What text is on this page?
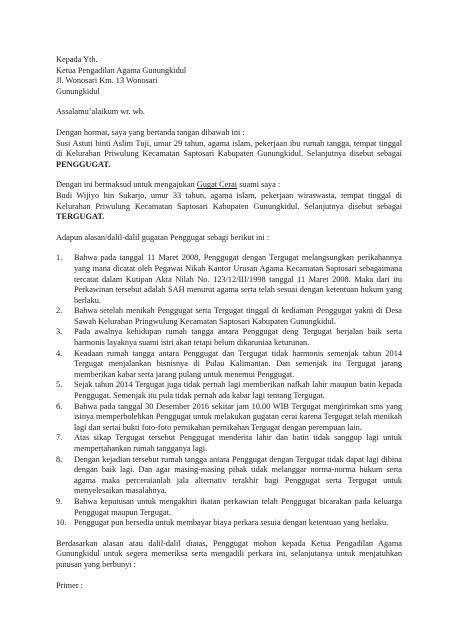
Kepada Yth.
Ketua Pengadilan Agama Gunungkidul
Jl. Wonosari Km. 13 Wonosari
Gunungkidul
Assalamu’alaikum wr. wb.

Dengan hormat, saya yang bertanda tangan dibawah ini :

Susi Astuti binti Aslim Tuji, umur 29 tahun, agama islam, pekerjaan ibu rumah tangga, tempat tinggal di Kelurahan Priwulung Kecamatan Saptosari Kabupaten Gunungkidul. Selanjutnya disebut sebagai PENGGUGAT.

Dengan ini bermaksud untuk mengajukan Gugat Cerai suami saya :

Budi Wijiyo bin Sukarjo, umur 33 tahun, agama islam, pekerjaan wiraswasta, tempat tinggal di Kelurahan Priwulung Kecamatan Saptosari Kabupaten Gunungkidul. Selanjutnya disebut sebagai TERGUGAT.

Adapun alasan/dalil-dalil gugatan Penggugat sebagi berikut ini :
1. Bahwa pada tanggal 11 Maret 2008, Penggugat dengan Tergugat melangsungkan perikahannya yang mana dicatat oleh Pegawai Nikah Kantor Urusan Agama Kecamatan Saptosari sebagaimana tercatat dalam Kutipan Akta Nilah No. 123/12/III/1998 tanggal 11 Maret 2008. Maka dari itu Perkawinan tersebut adalah SAH menurut agama serta telah sesuai dengan ketentuan hukum yang berlaku.
2. Bahwa setelah menikah Penggugat serta Tergugat tinggal di kediaman Penggugat yakni di Desa Sawah Kelurahan Pringwulung Kecamatan Saptosari Kabupaten Gunungkidul.
3. Pada awalnya kehidupan rumah tangga antara Penggugat deng Tergugat berjalan baik serta harmonis layaknya suami istri akan tetapi belum dikaruniaa keturunan.
4. Keadaan rumah tangga antara Penggugat dan Tergugat tidak harmonis semenjak tahun 2014 Tergugat menjalankan bisnisnya di Pulau Kalimantan. Dan semenjak itu Tergugat jarang memberikan kabar serta jarang pulang untuk menemui Penggugat.
5. Sejak tahun 2014 Tergugat juga tidak pernah lagi memberikan nafkah lahir maupun batin kepada Penggugat. Semenjak itu pula tidak pernah ada kabar lagi tentang Tergugat.
6. Bahwa pada tanggal 30 Desember 2016 sekitar jam 10.00 WIB Tergugat mengirimkan sms yang isinya memperbolehkan Penggugat untuk melakukan gugatan cerai karena Tergugat telah menikah lagi dan sertai bukti foto-foto pernikahan pernikahan Tergugat dengan perempuan lain.
7. Atas sikap Tergugat tersebut Penggugat menderita lahir dan batin tidak sanggup lagi untuk mempertahankan rumah tangganya lagi.
8. Dengan kejadian tersebut rumah tangga antara Penggugat dengan Tergugat tidak dapat lagi dibina dengan baik lagi. Dan agar masing-masing pihak tidak melanggar norma-norma hukum serta agama maka perceraianlah jala alternativ terakhir bagi Penggugat serta Tergugat untuk menyelesaikan masalahnya.
9. Bahwa keputusan untuk mengakhiri ikatan perkawian telah Penggugat bicarakan pada keluarga Penggugat maupun Tergugat.
10. Penggugat pun bersedia untuk membayar biaya perkara sesuia dengan ketentuan yang berlaku.

Berdasarkan alasan atau dalil-dalil diatas, Penggugat mohon kepada Ketua Pengadilan Agama Gunungkidul untuk segera memeriksa serta mengadili perkara ini, selanjutanya untuk menjatuhkan putusan yang berbunyi :

Primer :
